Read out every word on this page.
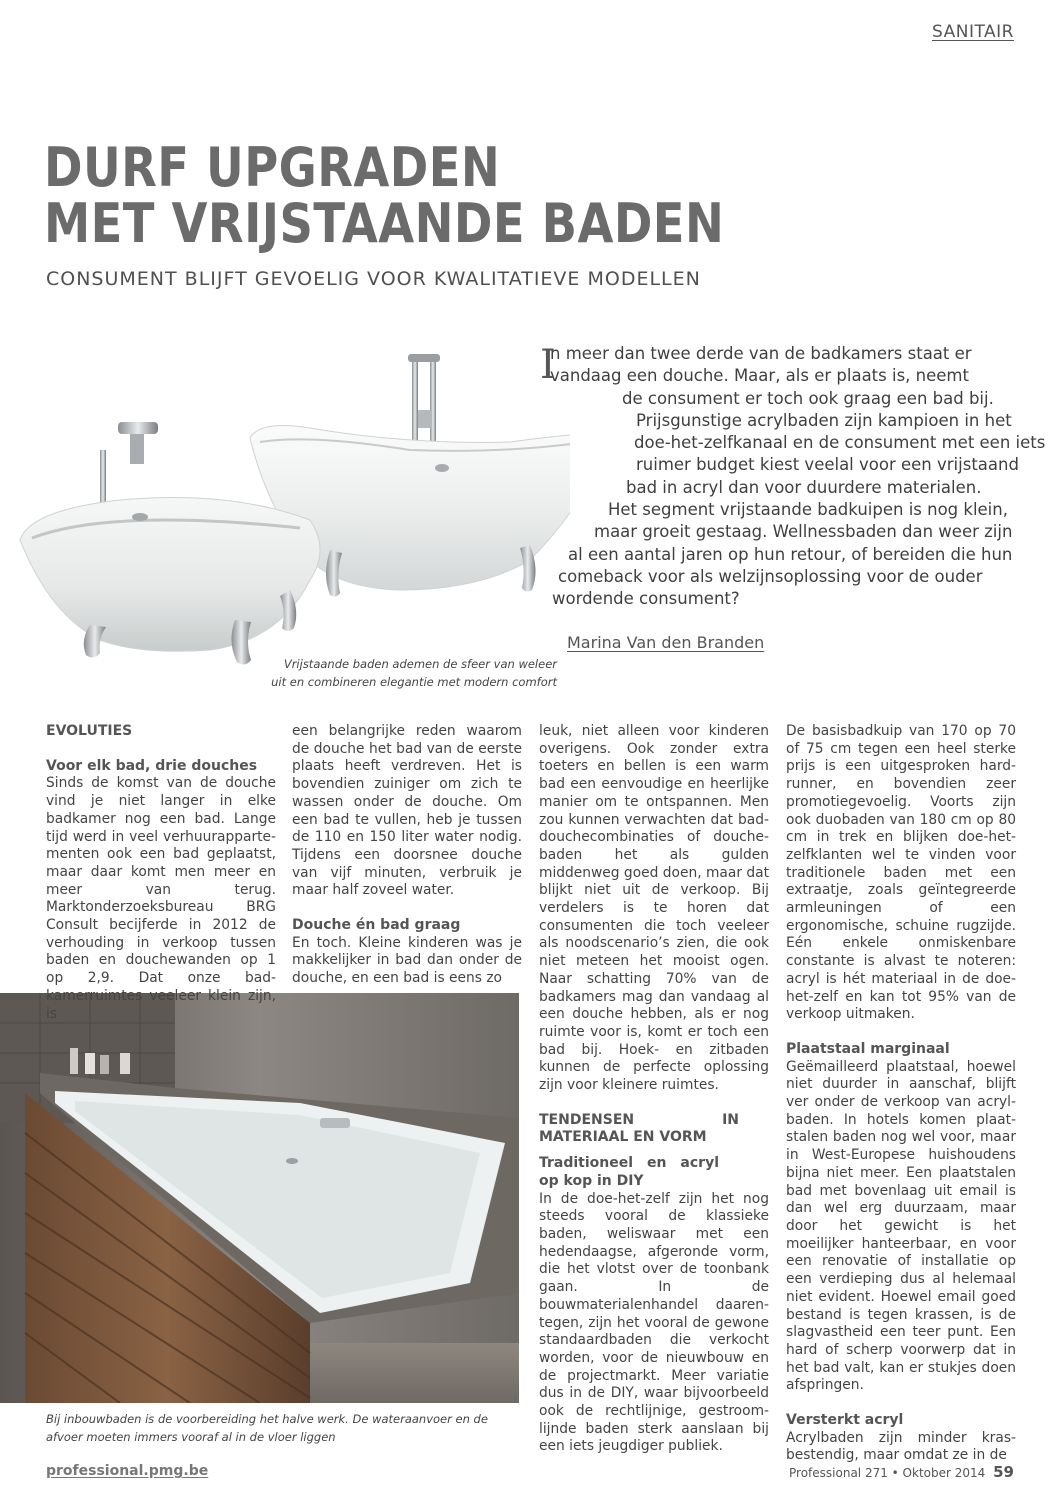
SANITAIR
DURF UPGRADEN
MET VRIJSTAANDE BADEN
CONSUMENT BLIJFT GEVOELIG VOOR KWALITATIEVE MODELLEN
Vrijstaande baden ademen de sfeer van weleer uit en combineren elegantie met modern comfort
I
n meer dan twee derde van de badkamers staat er
vandaag een douche. Maar, als er plaats is, neemt
de consument er toch ook graag een bad bij.
Prijsgunstige acrylbaden zijn kampioen in het
doe-het-zelfkanaal en de consument met een iets
ruimer budget kiest veelal voor een vrijstaand
bad in acryl dan voor duurdere materialen.
Het segment vrijstaande badkuipen is nog klein,
maar groeit gestaag. Wellnessbaden dan weer zijn
al een aantal jaren op hun retour, of bereiden die hun
comeback voor als welzijnsoplossing voor de ouder
wordende consument?
Marina Van den Branden
Bij inbouwbaden is de voorbereiding het halve werk. De wateraanvoer en de afvoer moeten immers vooraf al in de vloer liggen
EVOLUTIES
Voor elk bad, drie douches

Sinds de komst van de douche vind je niet langer in elke badkamer nog een bad. Lange tijd werd in veel verhuurappartementen ook een bad geplaatst, maar daar komt men meer en meer van terug. Marktonderzoeksbureau BRG Consult becijferde in 2012 de verhouding in verkoop tussen baden en douchewanden op 1 op 2,9. Dat onze badkamerruimtes veeleer klein zijn, is

een belangrijke reden waarom de douche het bad van de eerste plaats heeft verdreven. Het is bovendien zuiniger om zich te wassen onder de douche. Om een bad te vullen, heb je tussen de 110 en 150 liter water nodig. Tijdens een doorsnee douche van vijf minuten, verbruik je maar half zoveel water.

Douche én bad graag

En toch. Kleine kinderen was je makkelijker in bad dan onder de douche, en een bad is eens zo

leuk, niet alleen voor kinderen overigens. Ook zonder extra toeters en bellen is een warm bad een eenvoudige en heerlijke manier om te ontspannen. Men zou kunnen verwachten dat bad-douchecombinaties of douchebaden het als gulden middenweg goed doen, maar dat blijkt niet uit de verkoop. Bij verdelers is te horen dat consumenten die toch veeleer als noodscenario’s zien, die ook niet meteen het mooist ogen. Naar schatting 70% van de badkamers mag dan vandaag al een douche hebben, als er nog ruimte voor is, komt er toch een bad bij. Hoek- en zitbaden kunnen de perfecte oplossing zijn voor kleinere ruimtes.

TENDENSEN IN MATERIAAL EN VORM
Traditioneel en acryl op kop in DIY

In de doe-het-zelf zijn het nog steeds vooral de klassieke baden, weliswaar met een hedendaagse, afgeronde vorm, die het vlotst over de toonbank gaan. In de bouwmaterialenhandel daarentegen, zijn het vooral de gewone standaardbaden die verkocht worden, voor de nieuwbouw en de projectmarkt. Meer variatie dus in de DIY, waar bijvoorbeeld ook de rechtlijnige, gestroomlijnde baden sterk aanslaan bij een iets jeugdiger publiek.

De basisbadkuip van 170 op 70 of 75 cm tegen een heel sterke prijs is een uitgesproken hardrunner, en bovendien zeer promotiegevoelig. Voorts zijn ook duobaden van 180 cm op 80 cm in trek en blijken doe-het-zelfklanten wel te vinden voor traditionele baden met een extraatje, zoals geïntegreerde armleuningen of een ergonomische, schuine rugzijde. Eén enkele onmiskenbare constante is alvast te noteren: acryl is hét materiaal in de doe-het-zelf en kan tot 95% van de verkoop uitmaken.

Plaatstaal marginaal

Geëmailleerd plaatstaal, hoewel niet duurder in aanschaf, blijft ver onder de verkoop van acrylbaden. In hotels komen plaatstalen baden nog wel voor, maar in West-Europese huishoudens bijna niet meer. Een plaatstalen bad met bovenlaag uit email is dan wel erg duurzaam, maar door het gewicht is het moeilijker hanteerbaar, en voor een renovatie of installatie op een verdieping dus al helemaal niet evident. Hoewel email goed bestand is tegen krassen, is de slagvastheid een teer punt. Een hard of scherp voorwerp dat in het bad valt, kan er stukjes doen afspringen.

Versterkt acryl

Acrylbaden zijn minder krasbestendig, maar omdat ze in de

professional.pmg.be	Professional 271 • Oktober 2014 59
